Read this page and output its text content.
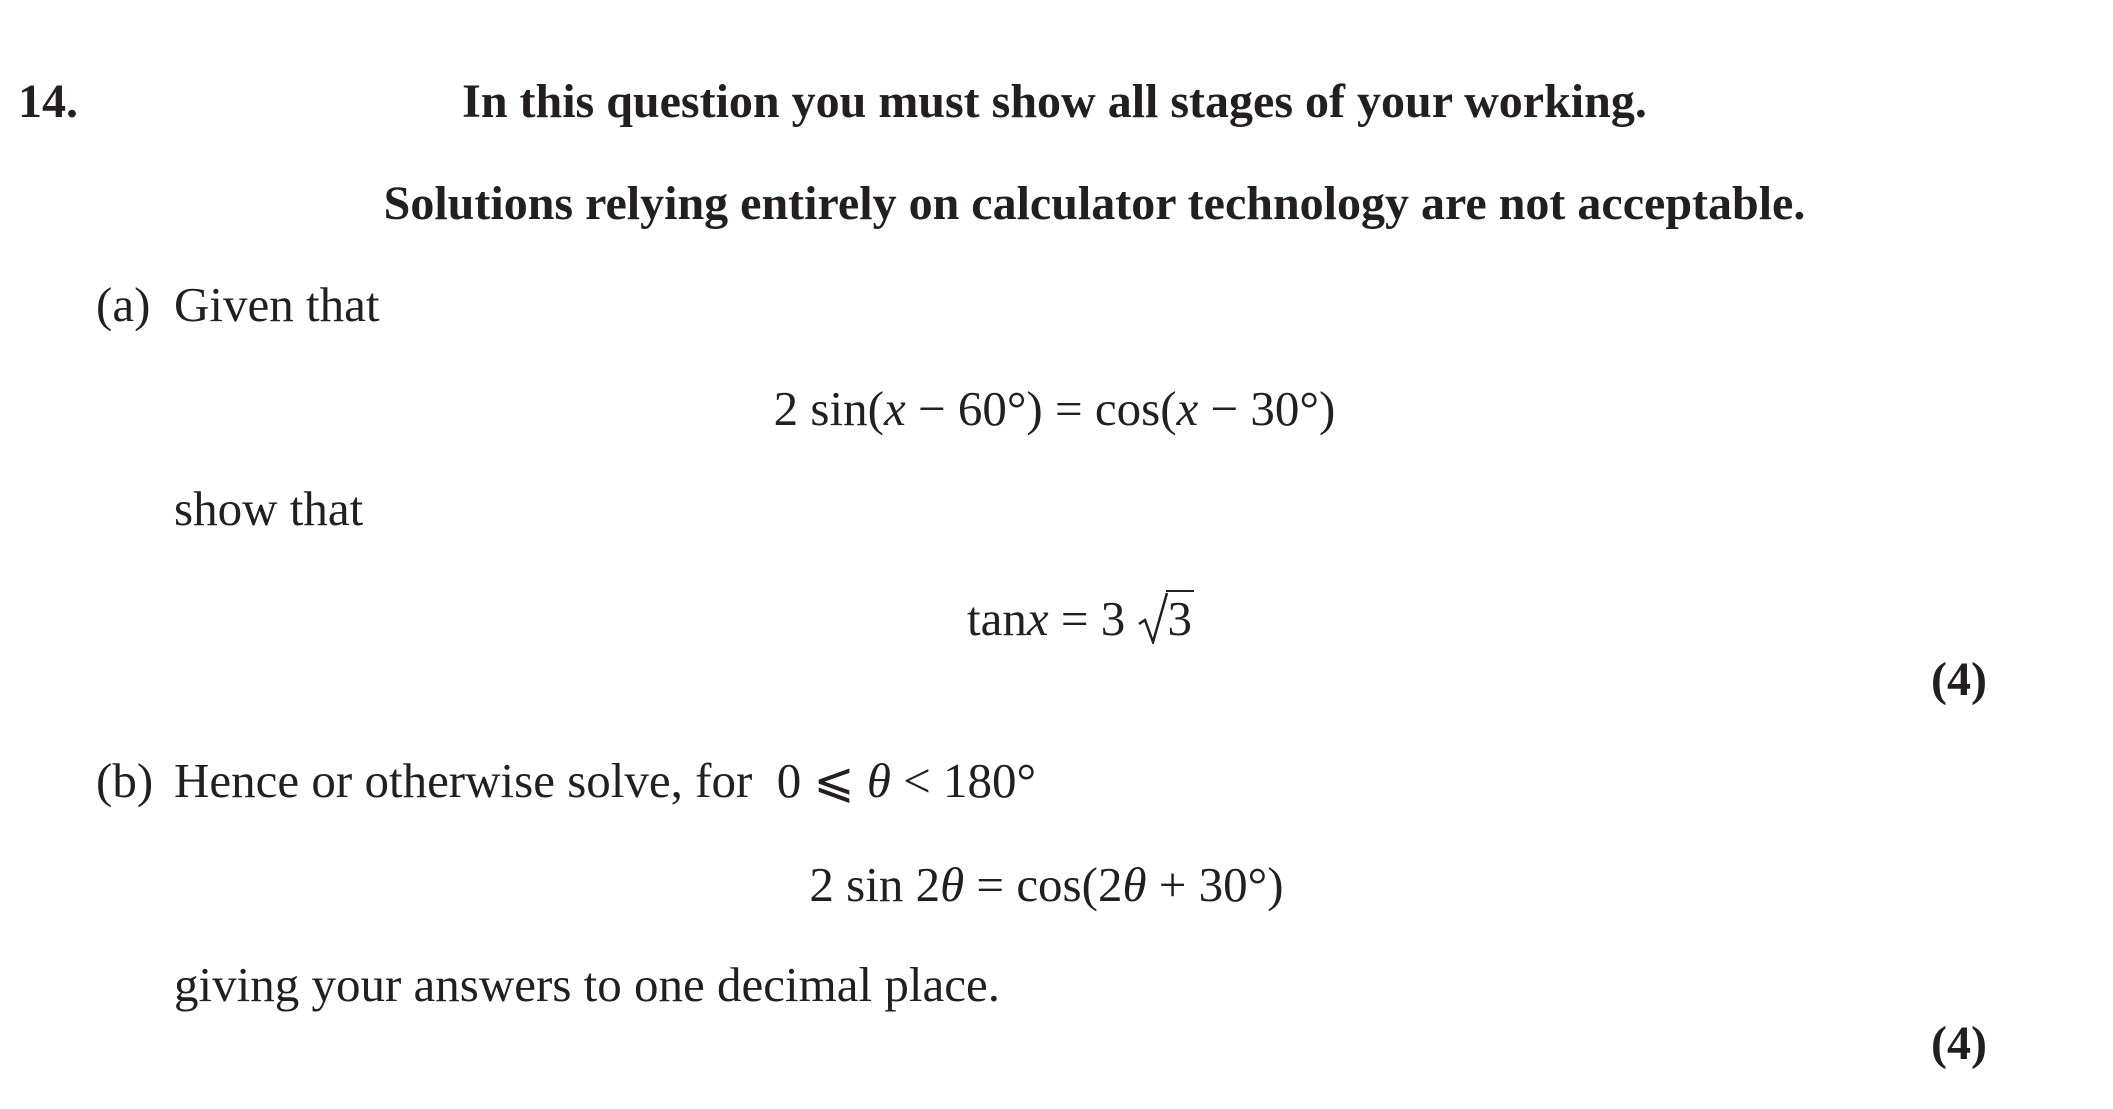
14.	In this question you must show all stages of your working.
Solutions relying entirely on calculator technology are not acceptable.
(a) Given that
2 sin(x − 60°) = cos(x − 30°)
show that
tanx = 3 3
(4)
(b) Hence or otherwise solve, for 0 ⩽ θ < 180°
2 sin 2θ = cos(2θ + 30°)
giving your answers to one decimal place.
(4)
